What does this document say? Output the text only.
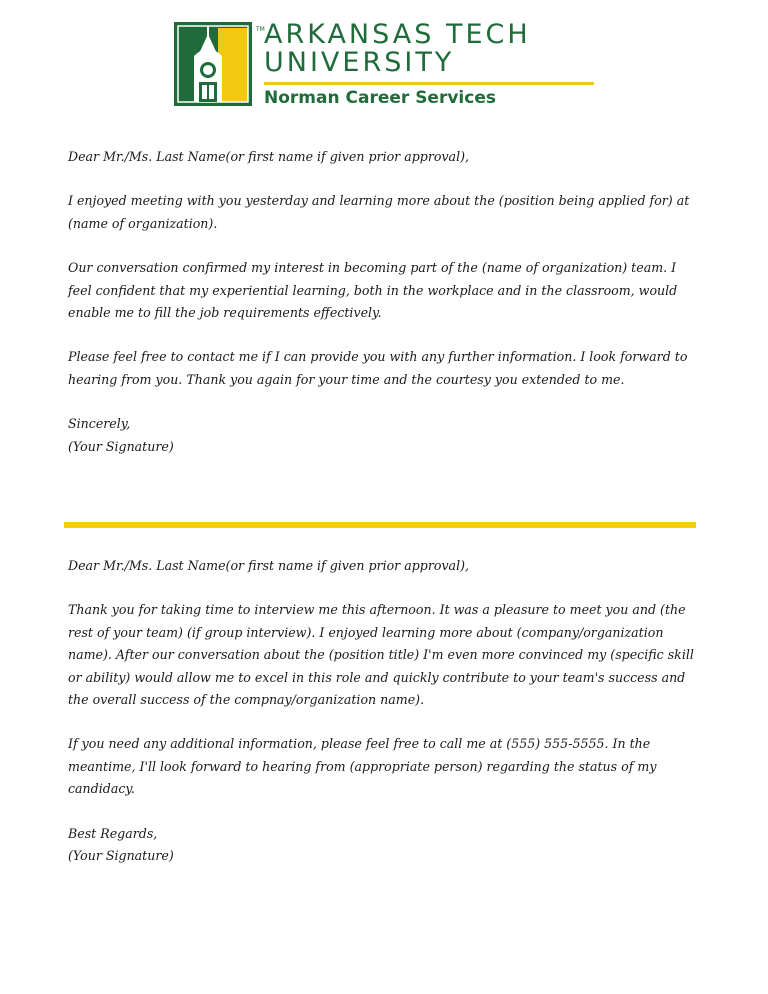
TM ARKANSAS TECH
UNIVERSITY
Norman Career Services

Dear Mr./Ms. Last Name(or first name if given prior approval),

I enjoyed meeting with you yesterday and learning more about the (position being applied for) at (name of organization).

Our conversation confirmed my interest in becoming part of the (name of organization) team. I feel confident that my experiential learning, both in the workplace and in the classroom, would enable me to fill the job requirements effectively.

Please feel free to contact me if I can provide you with any further information. I look forward to hearing from you. Thank you again for your time and the courtesy you extended to me.

Sincerely,
(Your Signature)

Dear Mr./Ms. Last Name(or first name if given prior approval),

Thank you for taking time to interview me this afternoon. It was a pleasure to meet you and (the rest of your team) (if group interview). I enjoyed learning more about (company/organization name). After our conversation about the (position title) I'm even more convinced my (specific skill or ability) would allow me to excel in this role and quickly contribute to your team's success and the overall success of the compnay/organization name).

If you need any additional information, please feel free to call me at (555) 555-5555. In the meantime, I'll look forward to hearing from (appropriate person) regarding the status of my candidacy.

Best Regards,
(Your Signature)
